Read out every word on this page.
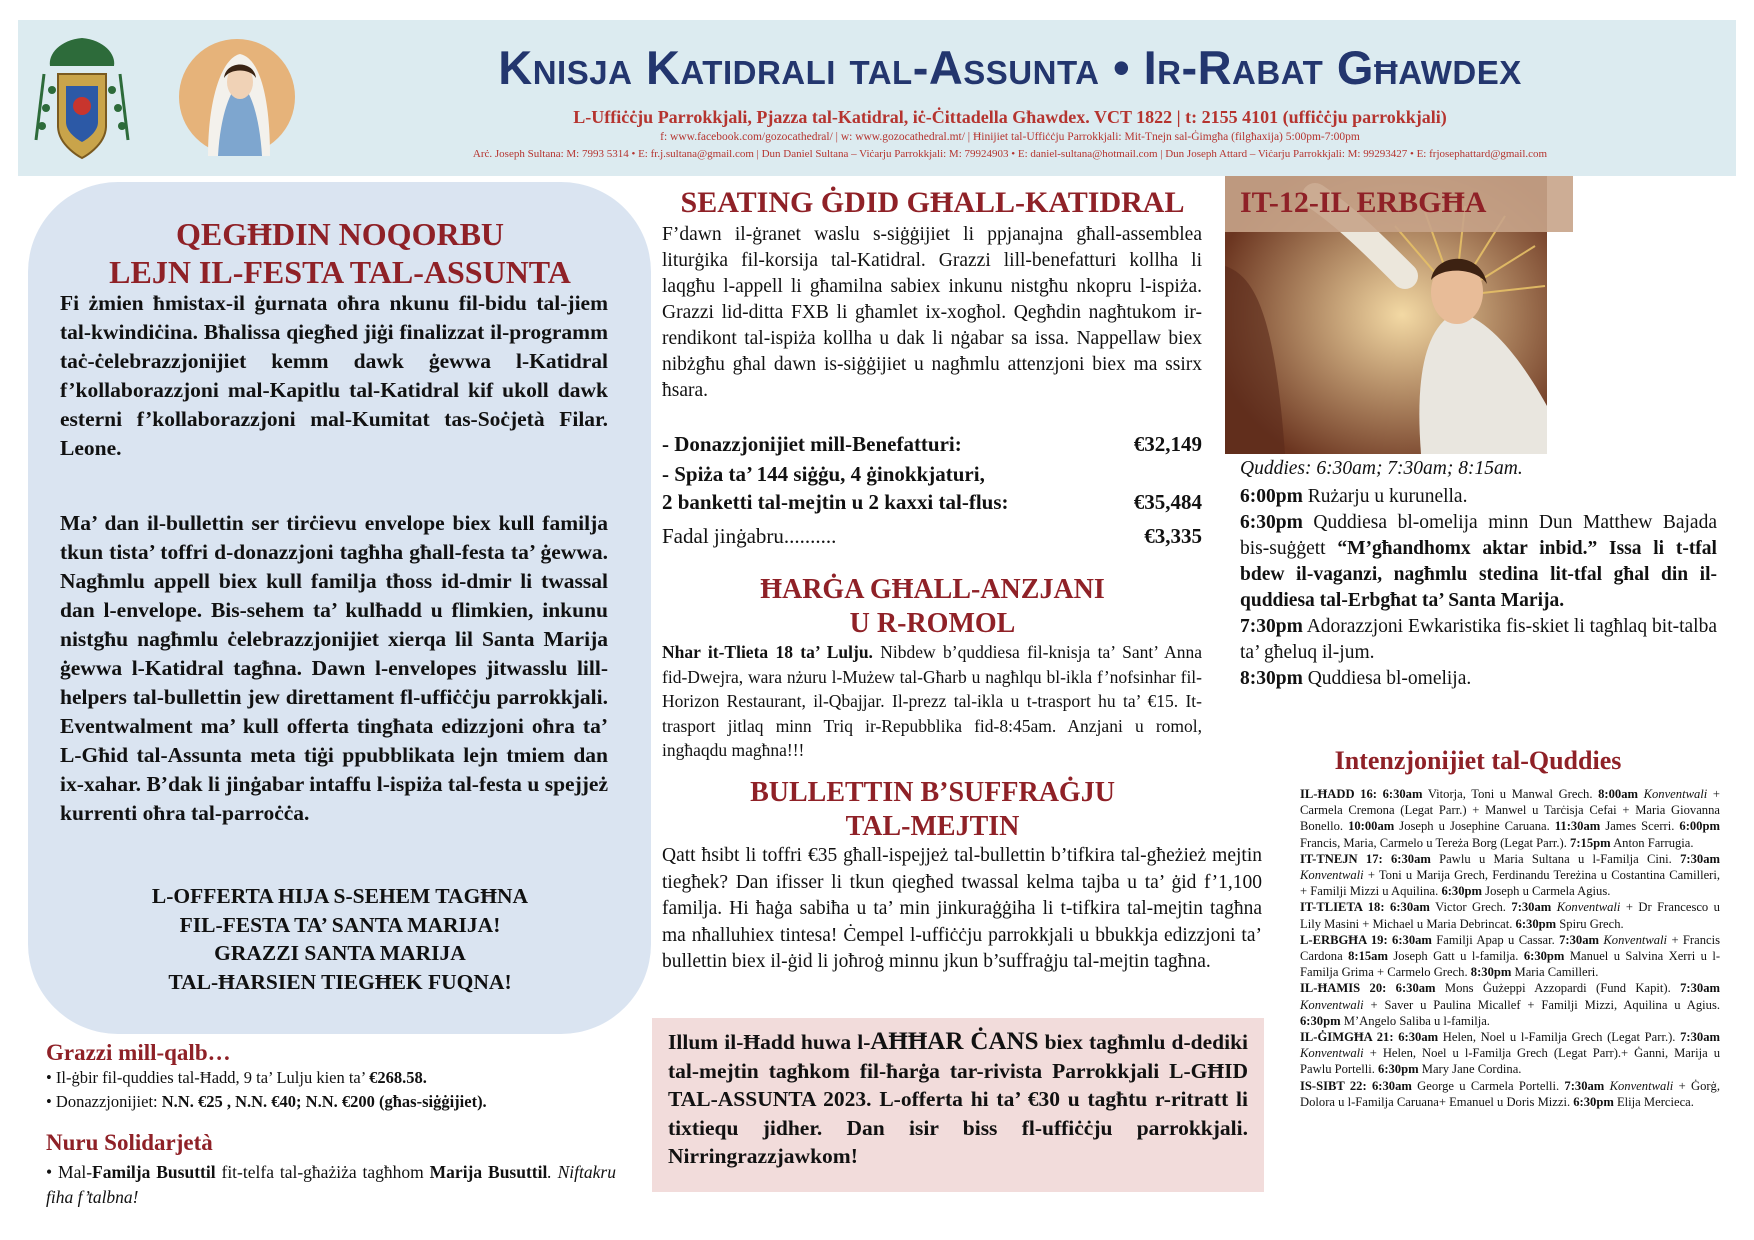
Knisja Katidrali tal-Assunta • Ir-Rabat Għawdex
L-Uffiċċju Parrokkjali, Pjazza tal-Katidral, iċ-Ċittadella Għawdex. VCT 1822 | t: 2155 4101 (uffiċċju parrokkjali)
f: www.facebook.com/gozocathedral/ | w: www.gozocathedral.mt/ | Ħinijiet tal-Uffiċċju Parrokkjali: Mit-Tnejn sal-Ġimgħa (filgħaxija) 5:00pm-7:00pm
Arċ. Joseph Sultana: M: 7993 5314 • E: fr.j.sultana@gmail.com | Dun Daniel Sultana – Viċarju Parrokkjali: M: 79924903 • E: daniel-sultana@hotmail.com | Dun Joseph Attard – Viċarju Parrokkjali: M: 99293427 • E: frjosephattard@gmail.com
QEGĦDIN NOQORBU
LEJN IL-FESTA TAL-ASSUNTA
Fi żmien ħmistax-il ġurnata oħra nkunu fil-bidu tal-jiem tal-kwindiċina. Bħalissa qiegħed jiġi finalizzat il-programm taċ-ċelebrazzjonijiet kemm dawk ġewwa l-Katidral f’kollaborazzjoni mal-Kapitlu tal-Katidral kif ukoll dawk esterni f’kollaborazzjoni mal-Kumitat tas-Soċjetà Filar. Leone.
Ma’ dan il-bullettin ser tirċievu envelope biex kull familja tkun tista’ toffri d-donazzjoni tagħha għall-festa ta’ ġewwa. Nagħmlu appell biex kull familja tħoss id-dmir li twassal dan l-envelope. Bis-sehem ta’ kulħadd u flimkien, inkunu nistgħu nagħmlu ċelebrazzjonijiet xierqa lil Santa Marija ġewwa l-Katidral tagħna. Dawn l-envelopes jitwasslu lill-helpers tal-bullettin jew direttament fl-uffiċċju parrokkjali. Eventwalment ma’ kull offerta tingħata edizzjoni oħra ta’ L-Għid tal-Assunta meta tiġi ppubblikata lejn tmiem dan ix-xahar. B’dak li jinġabar intaffu l-ispiża tal-festa u spejjeż kurrenti oħra tal-parroċċa.
L-OFFERTA HIJA S-SEHEM TAGĦNA
FIL-FESTA TA’ SANTA MARIJA!
GRAZZI SANTA MARIJA
TAL-ĦARSIEN TIEGĦEK FUQNA!
Grazzi mill-qalb…
• Il-ġbir fil-quddies tal-Ħadd, 9 ta’ Lulju kien ta’ €268.58.
• Donazzjonijiet: N.N. €25 , N.N. €40; N.N. €200 (għas-siġġijiet).
Nuru Solidarjetà
• Mal-Familja Busuttil fit-telfa tal-għażiża tagħhom Marija Busuttil. Niftakru fiha f’talbna!
SEATING ĠDID GĦALL-KATIDRAL
F’dawn il-ġranet waslu s-siġġijiet li ppjanajna għall-assemblea liturġika fil-korsija tal-Katidral. Grazzi lill-benefatturi kollha li laqgħu l-appell li għamilna sabiex inkunu nistgħu nkopru l-ispiża. Grazzi lid-ditta FXB li għamlet ix-xogħol. Qegħdin nagħtukom ir-rendikont tal-ispiża kollha u dak li nġabar sa issa. Nappellaw biex nibżgħu għal dawn is-siġġijiet u nagħmlu attenzjoni biex ma ssirx ħsara.
- Donazzjonijiet mill-Benefatturi:	€32,149
- Spiża ta’ 144 siġġu, 4 ġinokkjaturi,
2 banketti tal-mejtin u 2 kaxxi tal-flus:	€35,484
Fadal jinġabru..........	€3,335
ĦARĠA GĦALL-ANZJANI
U R-ROMOL
Nhar it-Tlieta 18 ta’ Lulju. Nibdew b’quddiesa fil-knisja ta’ Sant’ Anna fid-Dwejra, wara nżuru l-Mużew tal-Għarb u nagħlqu bl-ikla f’nofsinhar fil-Horizon Restaurant, il-Qbajjar. Il-prezz tal-ikla u t-trasport hu ta’ €15. It-trasport jitlaq minn Triq ir-Repubblika fid-8:45am. Anzjani u romol, ingħaqdu magħna!!!
BULLETTIN B’SUFFRAĠJU
TAL-MEJTIN
Qatt ħsibt li toffri €35 għall-ispejjeż tal-bullettin b’tifkira tal-għeżież mejtin tiegħek? Dan ifisser li tkun qiegħed twassal kelma tajba u ta’ ġid f’1,100 familja. Hi ħaġa sabiħa u ta’ min jinkuraġġiha li t-tifkira tal-mejtin tagħna ma nħalluhiex tintesa! Ċempel l-uffiċċju parrokkjali u bbukkja edizzjoni ta’ bullettin biex il-ġid li joħroġ minnu jkun b’suffraġju tal-mejtin tagħna.
Illum il-Ħadd huwa l-AĦĦAR ĊANS biex tagħmlu d-dediki tal-mejtin tagħkom fil-ħarġa tar-rivista Parrokkjali L-GĦID TAL-ASSUNTA 2023. L-offerta hi ta’ €30 u tagħtu r-ritratt li tixtiequ jidher. Dan isir biss fl-uffiċċju parrokkjali. Nirringrazzjawkom!
IT-12-IL ERBGĦA
Quddies: 6:30am; 7:30am; 8:15am.

6:00pm Rużarju u kurunella.

6:30pm Quddiesa bl-omelija minn Dun Matthew Bajada bis-suġġett “M’għandhomx aktar inbid.” Issa li t-tfal bdew il-vaganzi, nagħmlu stedina lit-tfal għal din il-quddiesa tal-Erbgħat ta’ Santa Marija.

7:30pm Adorazzjoni Ewkaristika fis-skiet li tagħlaq bit-talba ta’ għeluq il-jum.

8:30pm Quddiesa bl-omelija.

Intenzjonijiet tal-Quddies

IL-ĦADD 16: 6:30am Vitorja, Toni u Manwal Grech. 8:00am Konventwali + Carmela Cremona (Legat Parr.) + Manwel u Tarċisja Cefai + Maria Giovanna Bonello. 10:00am Joseph u Josephine Caruana. 11:30am James Scerri. 6:00pm Francis, Maria, Carmelo u Tereża Borg (Legat Parr.). 7:15pm Anton Farrugia.

IT-TNEJN 17: 6:30am Pawlu u Maria Sultana u l-Familja Cini. 7:30am Konventwali + Toni u Marija Grech, Ferdinandu Tereżina u Costantina Camilleri, + Familji Mizzi u Aquilina. 6:30pm Joseph u Carmela Agius.

IT-TLIETA 18: 6:30am Victor Grech. 7:30am Konventwali + Dr Francesco u Lily Masini + Michael u Maria Debrincat. 6:30pm Spiru Grech.

L-ERBGĦA 19: 6:30am Familji Apap u Cassar. 7:30am Konventwali + Francis Cardona 8:15am Joseph Gatt u l-familja. 6:30pm Manuel u Salvina Xerri u l-Familja Grima + Carmelo Grech. 8:30pm Maria Camilleri.

IL-ĦAMIS 20: 6:30am Mons Ġużeppi Azzopardi (Fund Kapit). 7:30am Konventwali + Saver u Paulina Micallef + Familji Mizzi, Aquilina u Agius. 6:30pm M’Angelo Saliba u l-familja.

IL-ĠIMGĦA 21: 6:30am Helen, Noel u l-Familja Grech (Legat Parr.). 7:30am Konventwali + Helen, Noel u l-Familja Grech (Legat Parr).+ Ġanni, Marija u Pawlu Portelli. 6:30pm Mary Jane Cordina.

IS-SIBT 22: 6:30am George u Carmela Portelli. 7:30am Konventwali + Ġorġ, Dolora u l-Familja Caruana+ Emanuel u Doris Mizzi. 6:30pm Elija Mercieca.
